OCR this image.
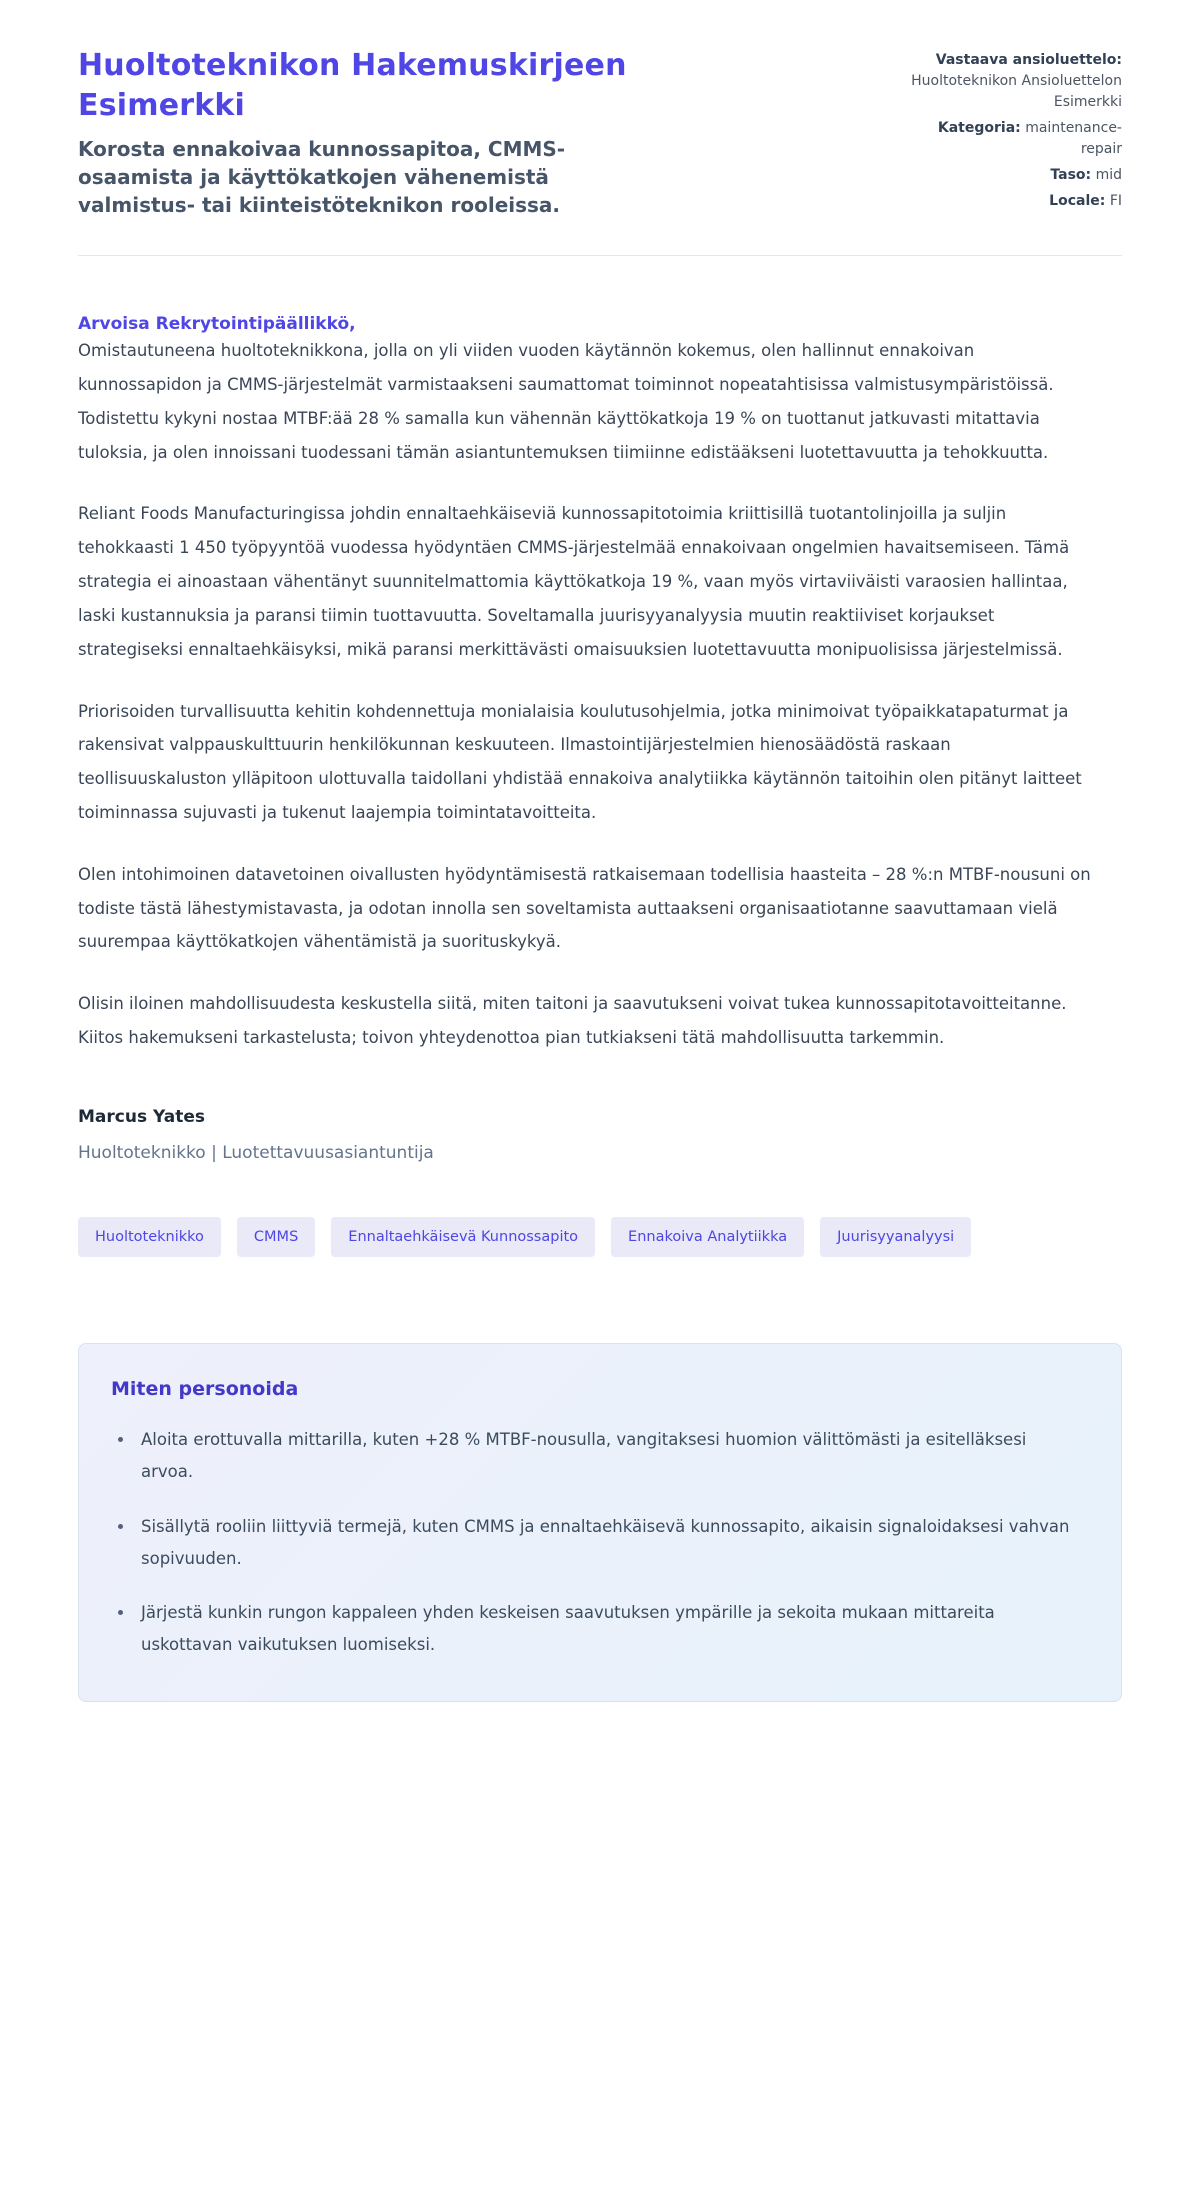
Huoltoteknikon Hakemuskirjeen Esimerkki

Korosta ennakoivaa kunnossapitoa, CMMS-osaamista ja käyttökatkojen vähenemistä valmistus- tai kiinteistöteknikon rooleissa.

Vastaava ansioluettelo: Huoltoteknikon Ansioluettelon Esimerkki
Kategoria: maintenance-repair
Taso: mid
Locale: FI

Arvoisa Rekrytointipäällikkö,

Omistautuneena huoltoteknikkona, jolla on yli viiden vuoden käytännön kokemus, olen hallinnut ennakoivan kunnossapidon ja CMMS-järjestelmät varmistaakseni saumattomat toiminnot nopeatahtisissa valmistusympäristöissä. Todistettu kykyni nostaa MTBF:ää 28 % samalla kun vähennän käyttökatkoja 19 % on tuottanut jatkuvasti mitattavia tuloksia, ja olen innoissani tuodessani tämän asiantuntemuksen tiimiinne edistääkseni luotettavuutta ja tehokkuutta.

Reliant Foods Manufacturingissa johdin ennaltaehkäiseviä kunnossapitotoimia kriittisillä tuotantolinjoilla ja suljin tehokkaasti 1 450 työpyyntöä vuodessa hyödyntäen CMMS-järjestelmää ennakoivaan ongelmien havaitsemiseen. Tämä strategia ei ainoastaan vähentänyt suunnitelmattomia käyttökatkoja 19 %, vaan myös virtaviiväisti varaosien hallintaa, laski kustannuksia ja paransi tiimin tuottavuutta. Soveltamalla juurisyyanalyysia muutin reaktiiviset korjaukset strategiseksi ennaltaehkäisyksi, mikä paransi merkittävästi omaisuuksien luotettavuutta monipuolisissa järjestelmissä.

Priorisoiden turvallisuutta kehitin kohdennettuja monialaisia koulutusohjelmia, jotka minimoivat työpaikkatapaturmat ja rakensivat valppauskulttuurin henkilökunnan keskuuteen. Ilmastointijärjestelmien hienosäädöstä raskaan teollisuuskaluston ylläpitoon ulottuvalla taidollani yhdistää ennakoiva analytiikka käytännön taitoihin olen pitänyt laitteet toiminnassa sujuvasti ja tukenut laajempia toimintatavoitteita.

Olen intohimoinen datavetoinen oivallusten hyödyntämisestä ratkaisemaan todellisia haasteita – 28 %:n MTBF-nousuni on todiste tästä lähestymistavasta, ja odotan innolla sen soveltamista auttaakseni organisaatiotanne saavuttamaan vielä suurempaa käyttökatkojen vähentämistä ja suorituskykyä.

Olisin iloinen mahdollisuudesta keskustella siitä, miten taitoni ja saavutukseni voivat tukea kunnossapitotavoitteitanne. Kiitos hakemukseni tarkastelusta; toivon yhteydenottoa pian tutkiakseni tätä mahdollisuutta tarkemmin.

Marcus Yates

Huoltoteknikko | Luotettavuusasiantuntija

Huoltoteknikko	CMMS	Ennaltaehkäisevä Kunnossapito	Ennakoiva Analytiikka	Juurisyyanalyysi
Miten personoida
• Aloita erottuvalla mittarilla, kuten +28 % MTBF-nousulla, vangitaksesi huomion välittömästi ja esitelläksesi arvoa.
• Sisällytä rooliin liittyviä termejä, kuten CMMS ja ennaltaehkäisevä kunnossapito, aikaisin signaloidaksesi vahvan sopivuuden.
• Järjestä kunkin rungon kappaleen yhden keskeisen saavutuksen ympärille ja sekoita mukaan mittareita uskottavan vaikutuksen luomiseksi.
